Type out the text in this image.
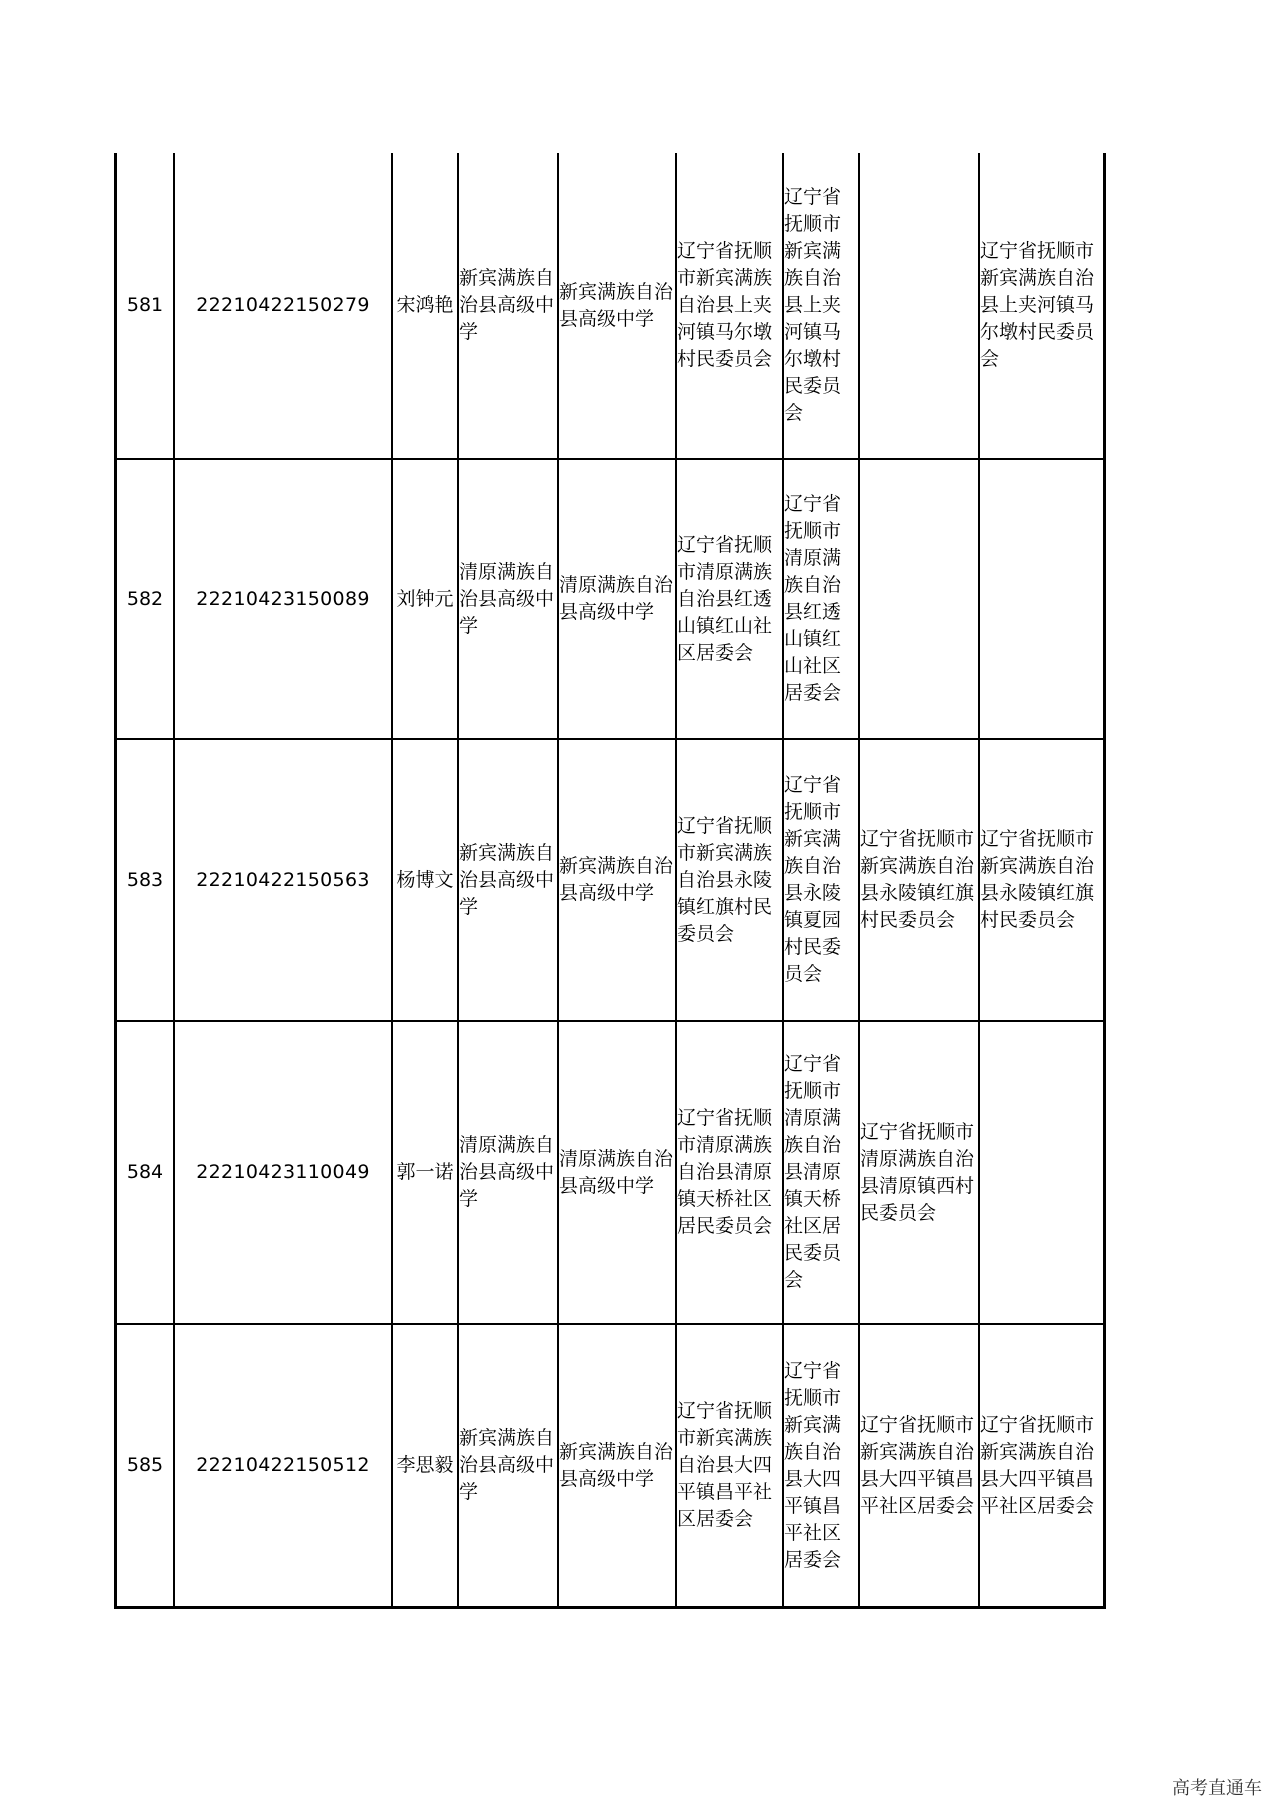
581	22210422150279	宋鸿艳	新宾满族自治县高级中学	新宾满族自治县高级中学	辽宁省抚顺市新宾满族自治县上夹河镇马尔墩村民委员会	辽宁省抚顺市新宾满族自治县上夹河镇马尔墩村民委员会		辽宁省抚顺市新宾满族自治县上夹河镇马尔墩村民委员会
582	22210423150089	刘钟元	清原满族自治县高级中学	清原满族自治县高级中学	辽宁省抚顺市清原满族自治县红透山镇红山社区居委会	辽宁省抚顺市清原满族自治县红透山镇红山社区居委会		
583	22210422150563	杨博文	新宾满族自治县高级中学	新宾满族自治县高级中学	辽宁省抚顺市新宾满族自治县永陵镇红旗村民委员会	辽宁省抚顺市新宾满族自治县永陵镇夏园村民委员会	辽宁省抚顺市新宾满族自治县永陵镇红旗村民委员会	辽宁省抚顺市新宾满族自治县永陵镇红旗村民委员会
584	22210423110049	郭一诺	清原满族自治县高级中学	清原满族自治县高级中学	辽宁省抚顺市清原满族自治县清原镇天桥社区居民委员会	辽宁省抚顺市清原满族自治县清原镇天桥社区居民委员会	辽宁省抚顺市清原满族自治县清原镇西村民委员会	
585	22210422150512	李思毅	新宾满族自治县高级中学	新宾满族自治县高级中学	辽宁省抚顺市新宾满族自治县大四平镇昌平社区居委会	辽宁省抚顺市新宾满族自治县大四平镇昌平社区居委会	辽宁省抚顺市新宾满族自治县大四平镇昌平社区居委会	辽宁省抚顺市新宾满族自治县大四平镇昌平社区居委会
高考直通车
